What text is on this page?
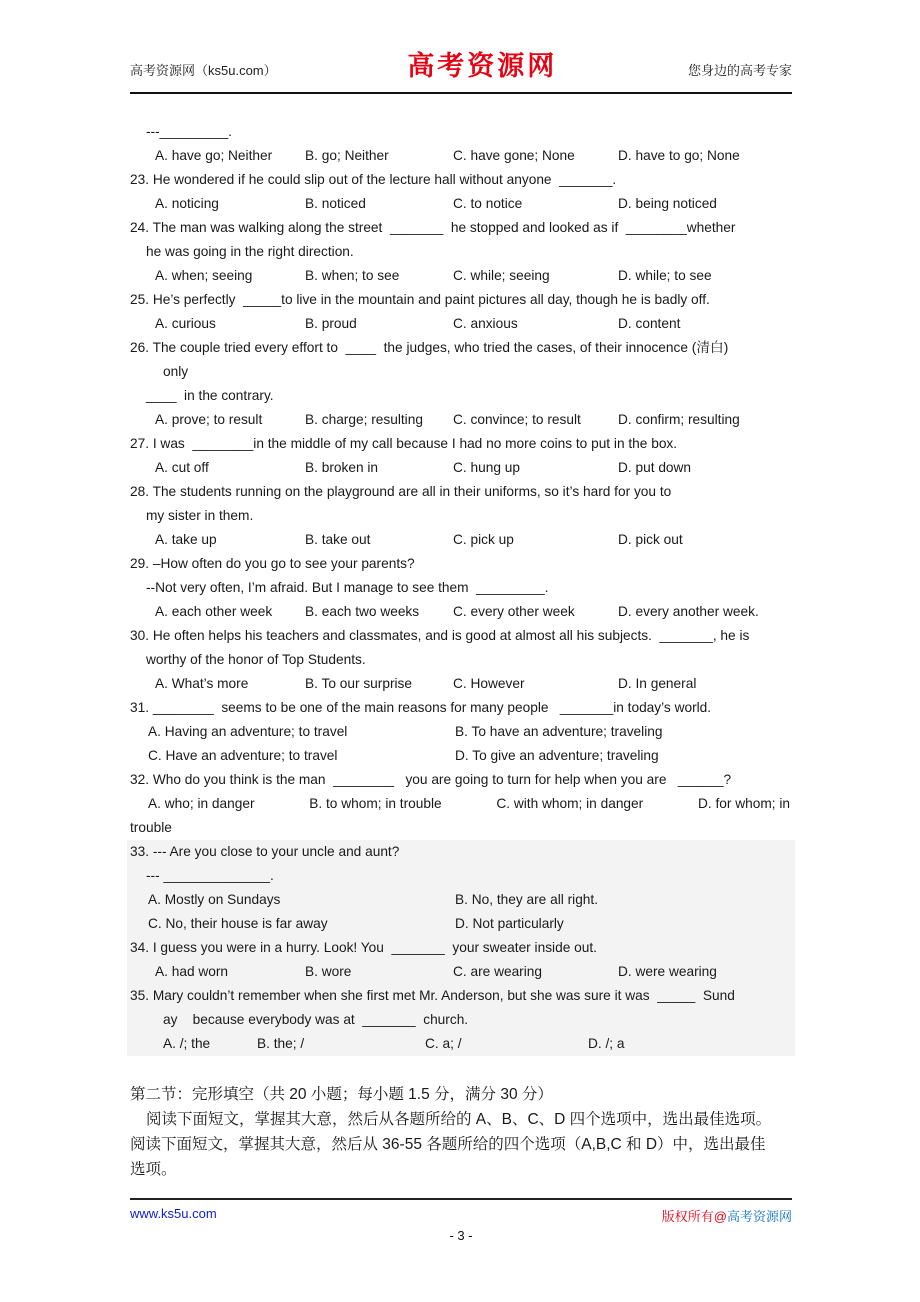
高考资源网（ks5u.com）	高考资源网	您身边的高考专家
---_________.
A. have go; Neither	B. go; Neither	C. have gone; None	D. have to go; None
23. He wondered if he could slip out of the lecture hall without anyone  _______.
A. noticing	B. noticed	C. to notice	D. being noticed
24. The man was walking along the street  _______  he stopped and looked as if  ________whether
he was going in the right direction.
A. when; seeing	B. when; to see	C. while; seeing	D. while; to see
25. He’s perfectly  _____to live in the mountain and paint pictures all day, though he is badly off.
A. curious	B. proud	C. anxious	D. content
26. The couple tried every effort to  ____  the judges, who tried the cases, of their innocence (清白)
only
____  in the contrary.
A. prove; to result	B. charge; resulting	C. convince; to result	D. confirm; resulting
27. I was  ________in the middle of my call because I had no more coins to put in the box.
A. cut off	B. broken in	C. hung up	D. put down
28. The students running on the playground are all in their uniforms, so it’s hard for you to
my sister in them.
A. take up	B. take out	C. pick up	D. pick out
29. –How often do you go to see your parents?
--Not very often, I’m afraid. But I manage to see them  _________.
A. each other week	B. each two weeks	C. every other week	D. every another week.
30. He often helps his teachers and classmates, and is good at almost all his subjects.  _______, he is
worthy of the honor of Top Students.
A. What’s more	B. To our surprise	C. However	D. In general
31. ________  seems to be one of the main reasons for many people   _______in today’s world.
A. Having an adventure; to travel	B. To have an adventure; traveling
C. Have an adventure; to travel	D. To give an adventure; traveling
32. Who do you think is the man  ________   you are going to turn for help when you are   ______?
A. who; in danger	B. to whom; in trouble	C. with whom; in danger	D. for whom; in
trouble
33. --- Are you close to your uncle and aunt?
--- ______________.
A. Mostly on Sundays	B. No, they are all right.
C. No, their house is far away	D. Not particularly
34. I guess you were in a hurry. Look! You  _______  your sweater inside out.
A. had worn	B. wore	C. are wearing	D. were wearing
35. Mary couldn’t remember when she first met Mr. Anderson, but she was sure it was  _____  Sund
ay    because everybody was at  _______  church.
A. /; the	B. the; /	C. a; /	D. /; a
第二节：完形填空（共 20 小题；每小题 1.5 分，满分 30 分）
阅读下面短文，掌握其大意，然后从各题所给的 A、B、C、D 四个选项中，选出最佳选项。
阅读下面短文，掌握其大意，然后从 36-55 各题所给的四个选项（A,B,C 和 D）中，选出最佳
选项。
www.ks5u.com	版权所有@高考资源网
- 3 -
